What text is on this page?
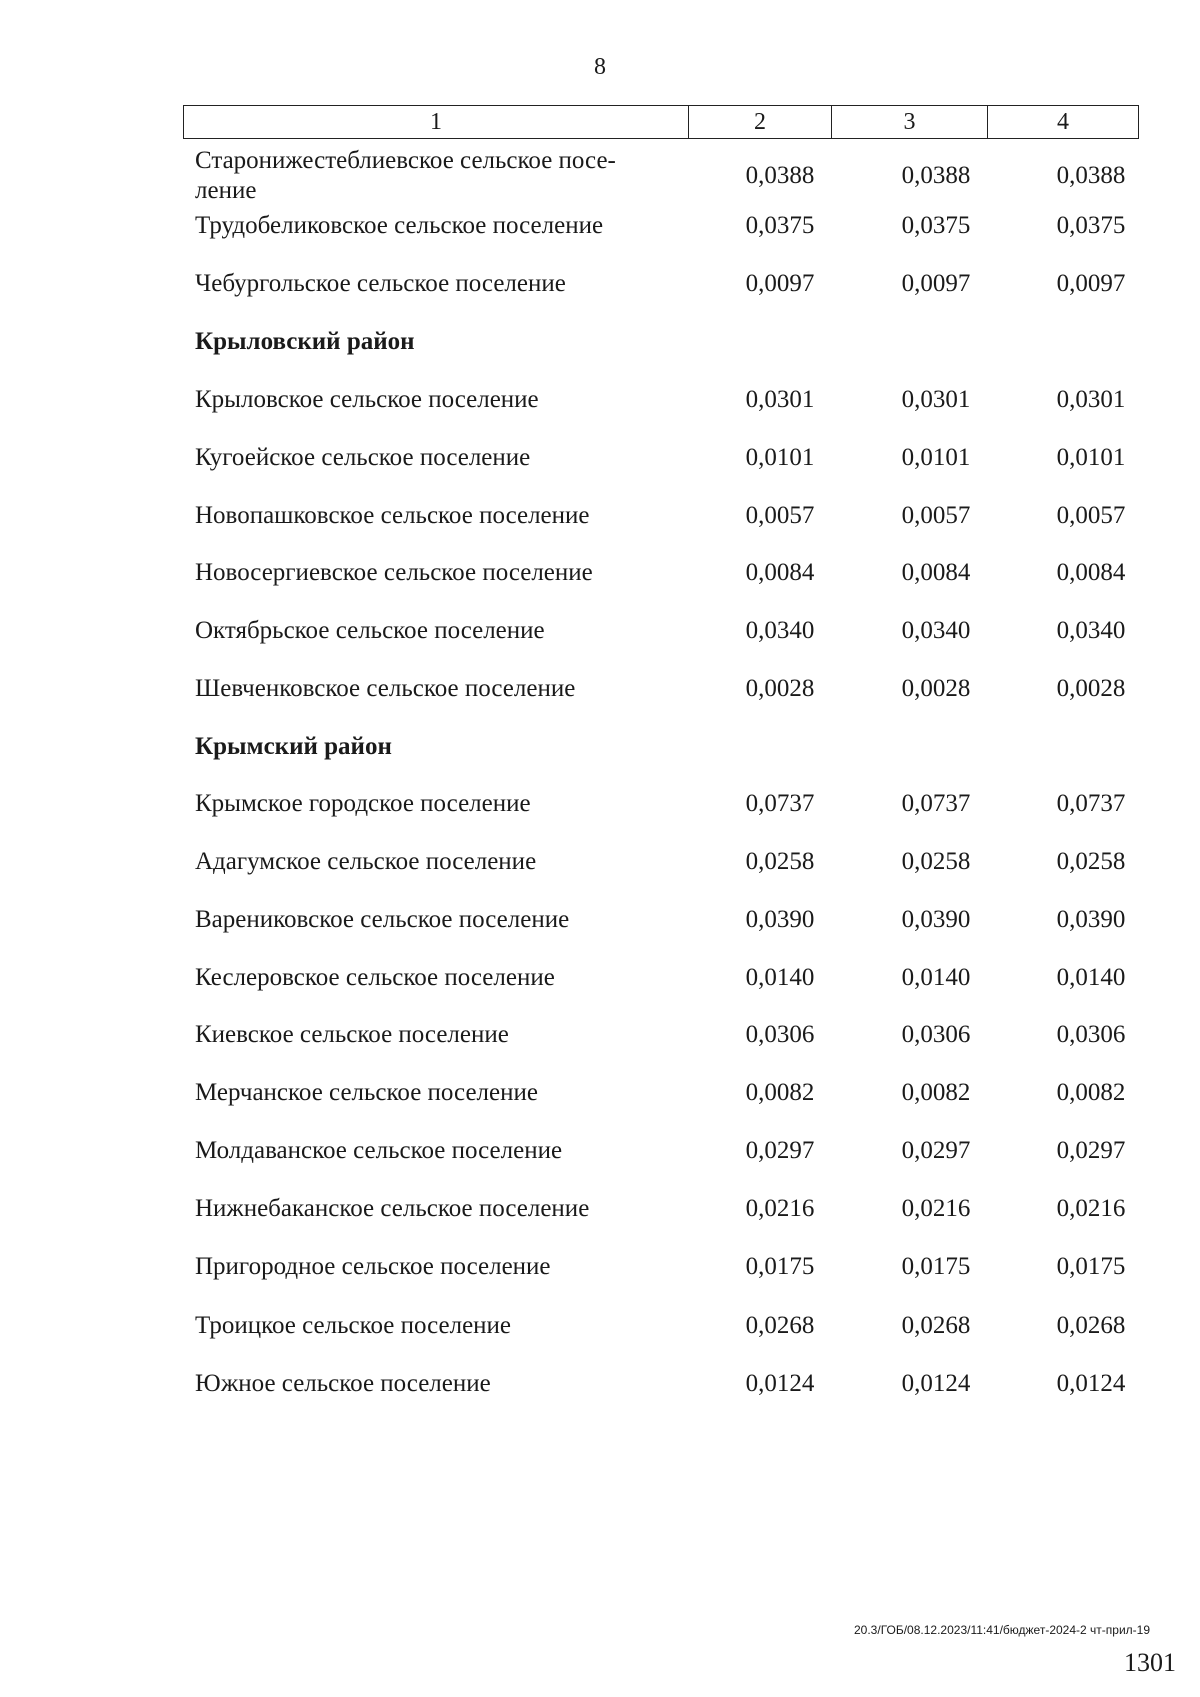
8
1	2	3	4
Старонижестеблиевское сельское посе-
ление
0,0388	0,0388	0,0388
Трудобеликовское сельское поселение	0,0375	0,0375	0,0375
Чебургольское сельское поселение	0,0097	0,0097	0,0097
Крыловский район
Крыловское сельское поселение	0,0301	0,0301	0,0301
Кугоейское сельское поселение	0,0101	0,0101	0,0101
Новопашковское сельское поселение	0,0057	0,0057	0,0057
Новосергиевское сельское поселение	0,0084	0,0084	0,0084
Октябрьское сельское поселение	0,0340	0,0340	0,0340
Шевченковское сельское поселение	0,0028	0,0028	0,0028
Крымский район
Крымское городское поселение	0,0737	0,0737	0,0737
Адагумское сельское поселение	0,0258	0,0258	0,0258
Варениковское сельское поселение	0,0390	0,0390	0,0390
Кеслеровское сельское поселение	0,0140	0,0140	0,0140
Киевское сельское поселение	0,0306	0,0306	0,0306
Мерчанское сельское поселение	0,0082	0,0082	0,0082
Молдаванское сельское поселение	0,0297	0,0297	0,0297
Нижнебаканское сельское поселение	0,0216	0,0216	0,0216
Пригородное сельское поселение	0,0175	0,0175	0,0175
Троицкое сельское поселение	0,0268	0,0268	0,0268
Южное сельское поселение	0,0124	0,0124	0,0124
20.3/ГОБ/08.12.2023/11:41/бюджет-2024-2 чт-прил-19
1301
